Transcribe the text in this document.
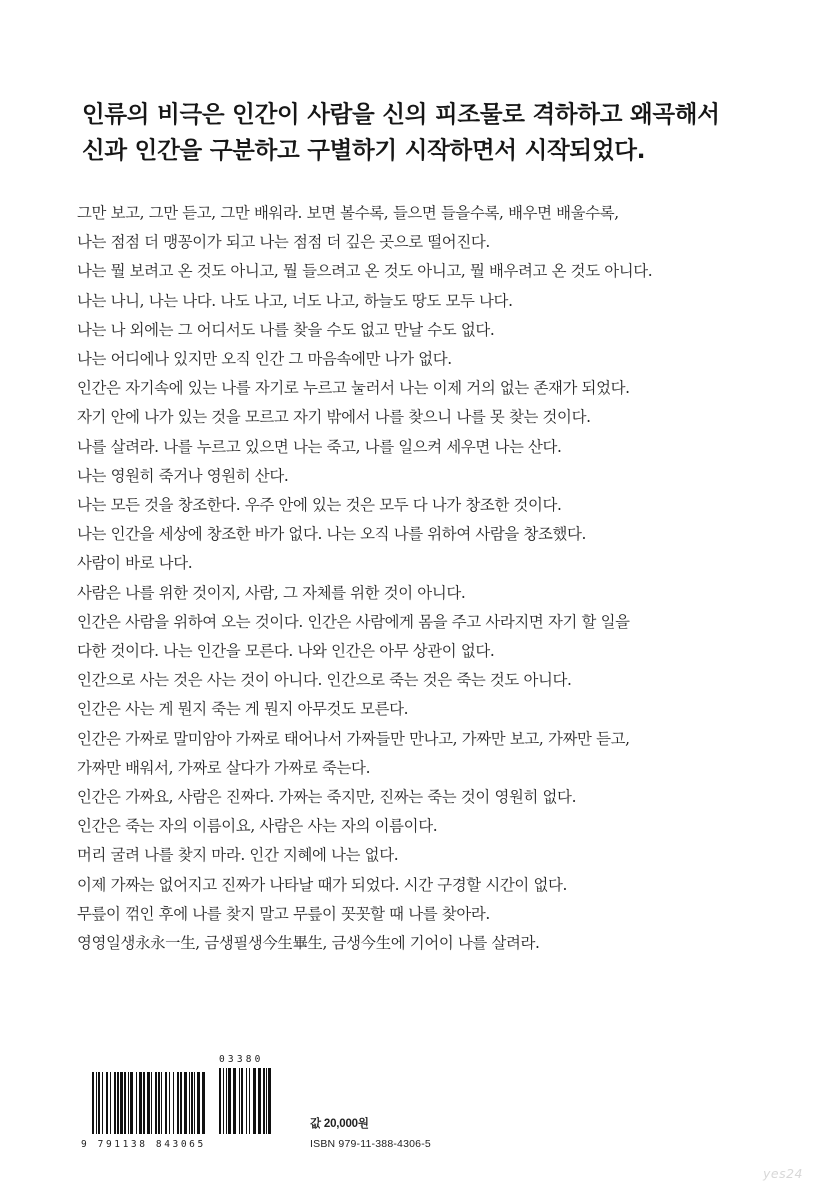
인류의 비극은 인간이 사람을 신의 피조물로 격하하고 왜곡해서
신과 인간을 구분하고 구별하기 시작하면서 시작되었다.
그만 보고, 그만 듣고, 그만 배워라. 보면 볼수록, 들으면 들을수록, 배우면 배울수록,
나는 점점 더 맹꽁이가 되고 나는 점점 더 깊은 곳으로 떨어진다.
나는 뭘 보려고 온 것도 아니고, 뭘 들으려고 온 것도 아니고, 뭘 배우려고 온 것도 아니다.
나는 나니, 나는 나다. 나도 나고, 너도 나고, 하늘도 땅도 모두 나다.
나는 나 외에는 그 어디서도 나를 찾을 수도 없고 만날 수도 없다.
나는 어디에나 있지만 오직 인간 그 마음속에만 나가 없다.
인간은 자기속에 있는 나를 자기로 누르고 눌러서 나는 이제 거의 없는 존재가 되었다.
자기 안에 나가 있는 것을 모르고 자기 밖에서 나를 찾으니 나를 못 찾는 것이다.
나를 살려라. 나를 누르고 있으면 나는 죽고, 나를 일으켜 세우면 나는 산다.
나는 영원히 죽거나 영원히 산다.
나는 모든 것을 창조한다. 우주 안에 있는 것은 모두 다 나가 창조한 것이다.
나는 인간을 세상에 창조한 바가 없다. 나는 오직 나를 위하여 사람을 창조했다.
사람이 바로 나다.
사람은 나를 위한 것이지, 사람, 그 자체를 위한 것이 아니다.
인간은 사람을 위하여 오는 것이다. 인간은 사람에게 몸을 주고 사라지면 자기 할 일을
다한 것이다. 나는 인간을 모른다. 나와 인간은 아무 상관이 없다.
인간으로 사는 것은 사는 것이 아니다. 인간으로 죽는 것은 죽는 것도 아니다.
인간은 사는 게 뭔지 죽는 게 뭔지 아무것도 모른다.
인간은 가짜로 말미암아 가짜로 태어나서 가짜들만 만나고, 가짜만 보고, 가짜만 듣고,
가짜만 배워서, 가짜로 살다가 가짜로 죽는다.
인간은 가짜요, 사람은 진짜다. 가짜는 죽지만, 진짜는 죽는 것이 영원히 없다.
인간은 죽는 자의 이름이요, 사람은 사는 자의 이름이다.
머리 굴려 나를 찾지 마라. 인간 지혜에 나는 없다.
이제 가짜는 없어지고 진짜가 나타날 때가 되었다. 시간 구경할 시간이 없다.
무릎이 꺾인 후에 나를 찾지 말고 무릎이 꼿꼿할 때 나를 찾아라.
영영일생永永一生, 금생필생今生畢生, 금생今生에 기어이 나를 살려라.
03380
9 791138 843065
값 20,000원
ISBN 979-11-388-4306-5
yes24
